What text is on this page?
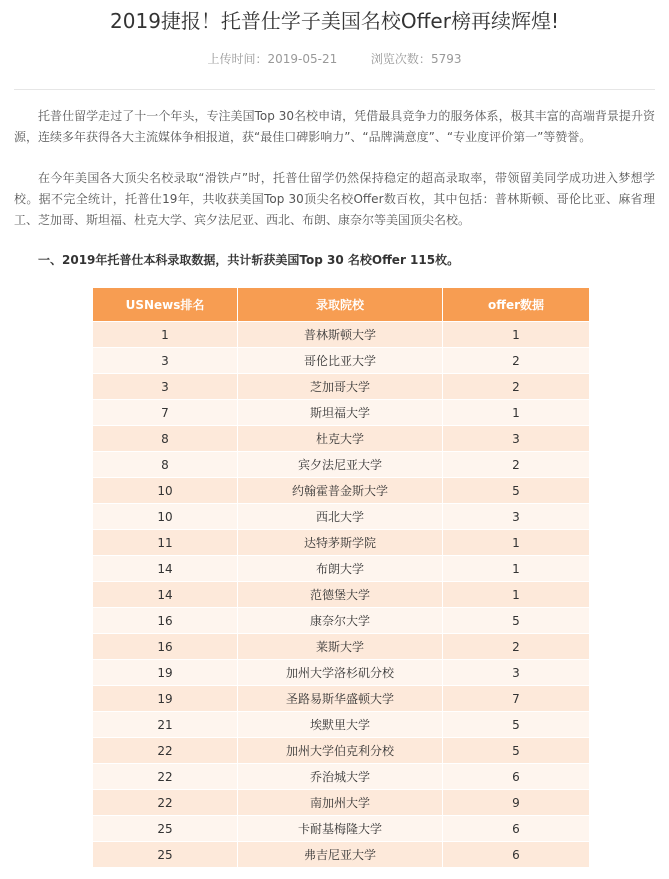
2019捷报！托普仕学子美国名校Offer榜再续辉煌!
上传时间：2019-05-21	浏览次数：5793

托普仕留学走过了十一个年头，专注美国Top 30名校申请，凭借最具竞争力的服务体系，极其丰富的高端背景提升资源，连续多年获得各大主流媒体争相报道，获“最佳口碑影响力”、“品牌满意度”、“专业度评价第一”等赞誉。

在今年美国各大顶尖名校录取“滑铁卢”时，托普仕留学仍然保持稳定的超高录取率，带领留美同学成功进入梦想学校。据不完全统计，托普仕19年，共收获美国Top 30顶尖名校Offer数百枚，其中包括：普林斯顿、哥伦比亚、麻省理工、芝加哥、斯坦福、杜克大学、宾夕法尼亚、西北、布朗、康奈尔等美国顶尖名校。

一、2019年托普仕本科录取数据，共计斩获美国Top 30 名校Offer 115枚。
USNews排名	录取院校	offer数据
1	普林斯顿大学	1
3	哥伦比亚大学	2
3	芝加哥大学	2
7	斯坦福大学	1
8	杜克大学	3
8	宾夕法尼亚大学	2
10	约翰霍普金斯大学	5
10	西北大学	3
11	达特茅斯学院	1
14	布朗大学	1
14	范德堡大学	1
16	康奈尔大学	5
16	莱斯大学	2
19	加州大学洛杉矶分校	3
19	圣路易斯华盛顿大学	7
21	埃默里大学	5
22	加州大学伯克利分校	5
22	乔治城大学	6
22	南加州大学	9
25	卡耐基梅隆大学	6
25	弗吉尼亚大学	6
